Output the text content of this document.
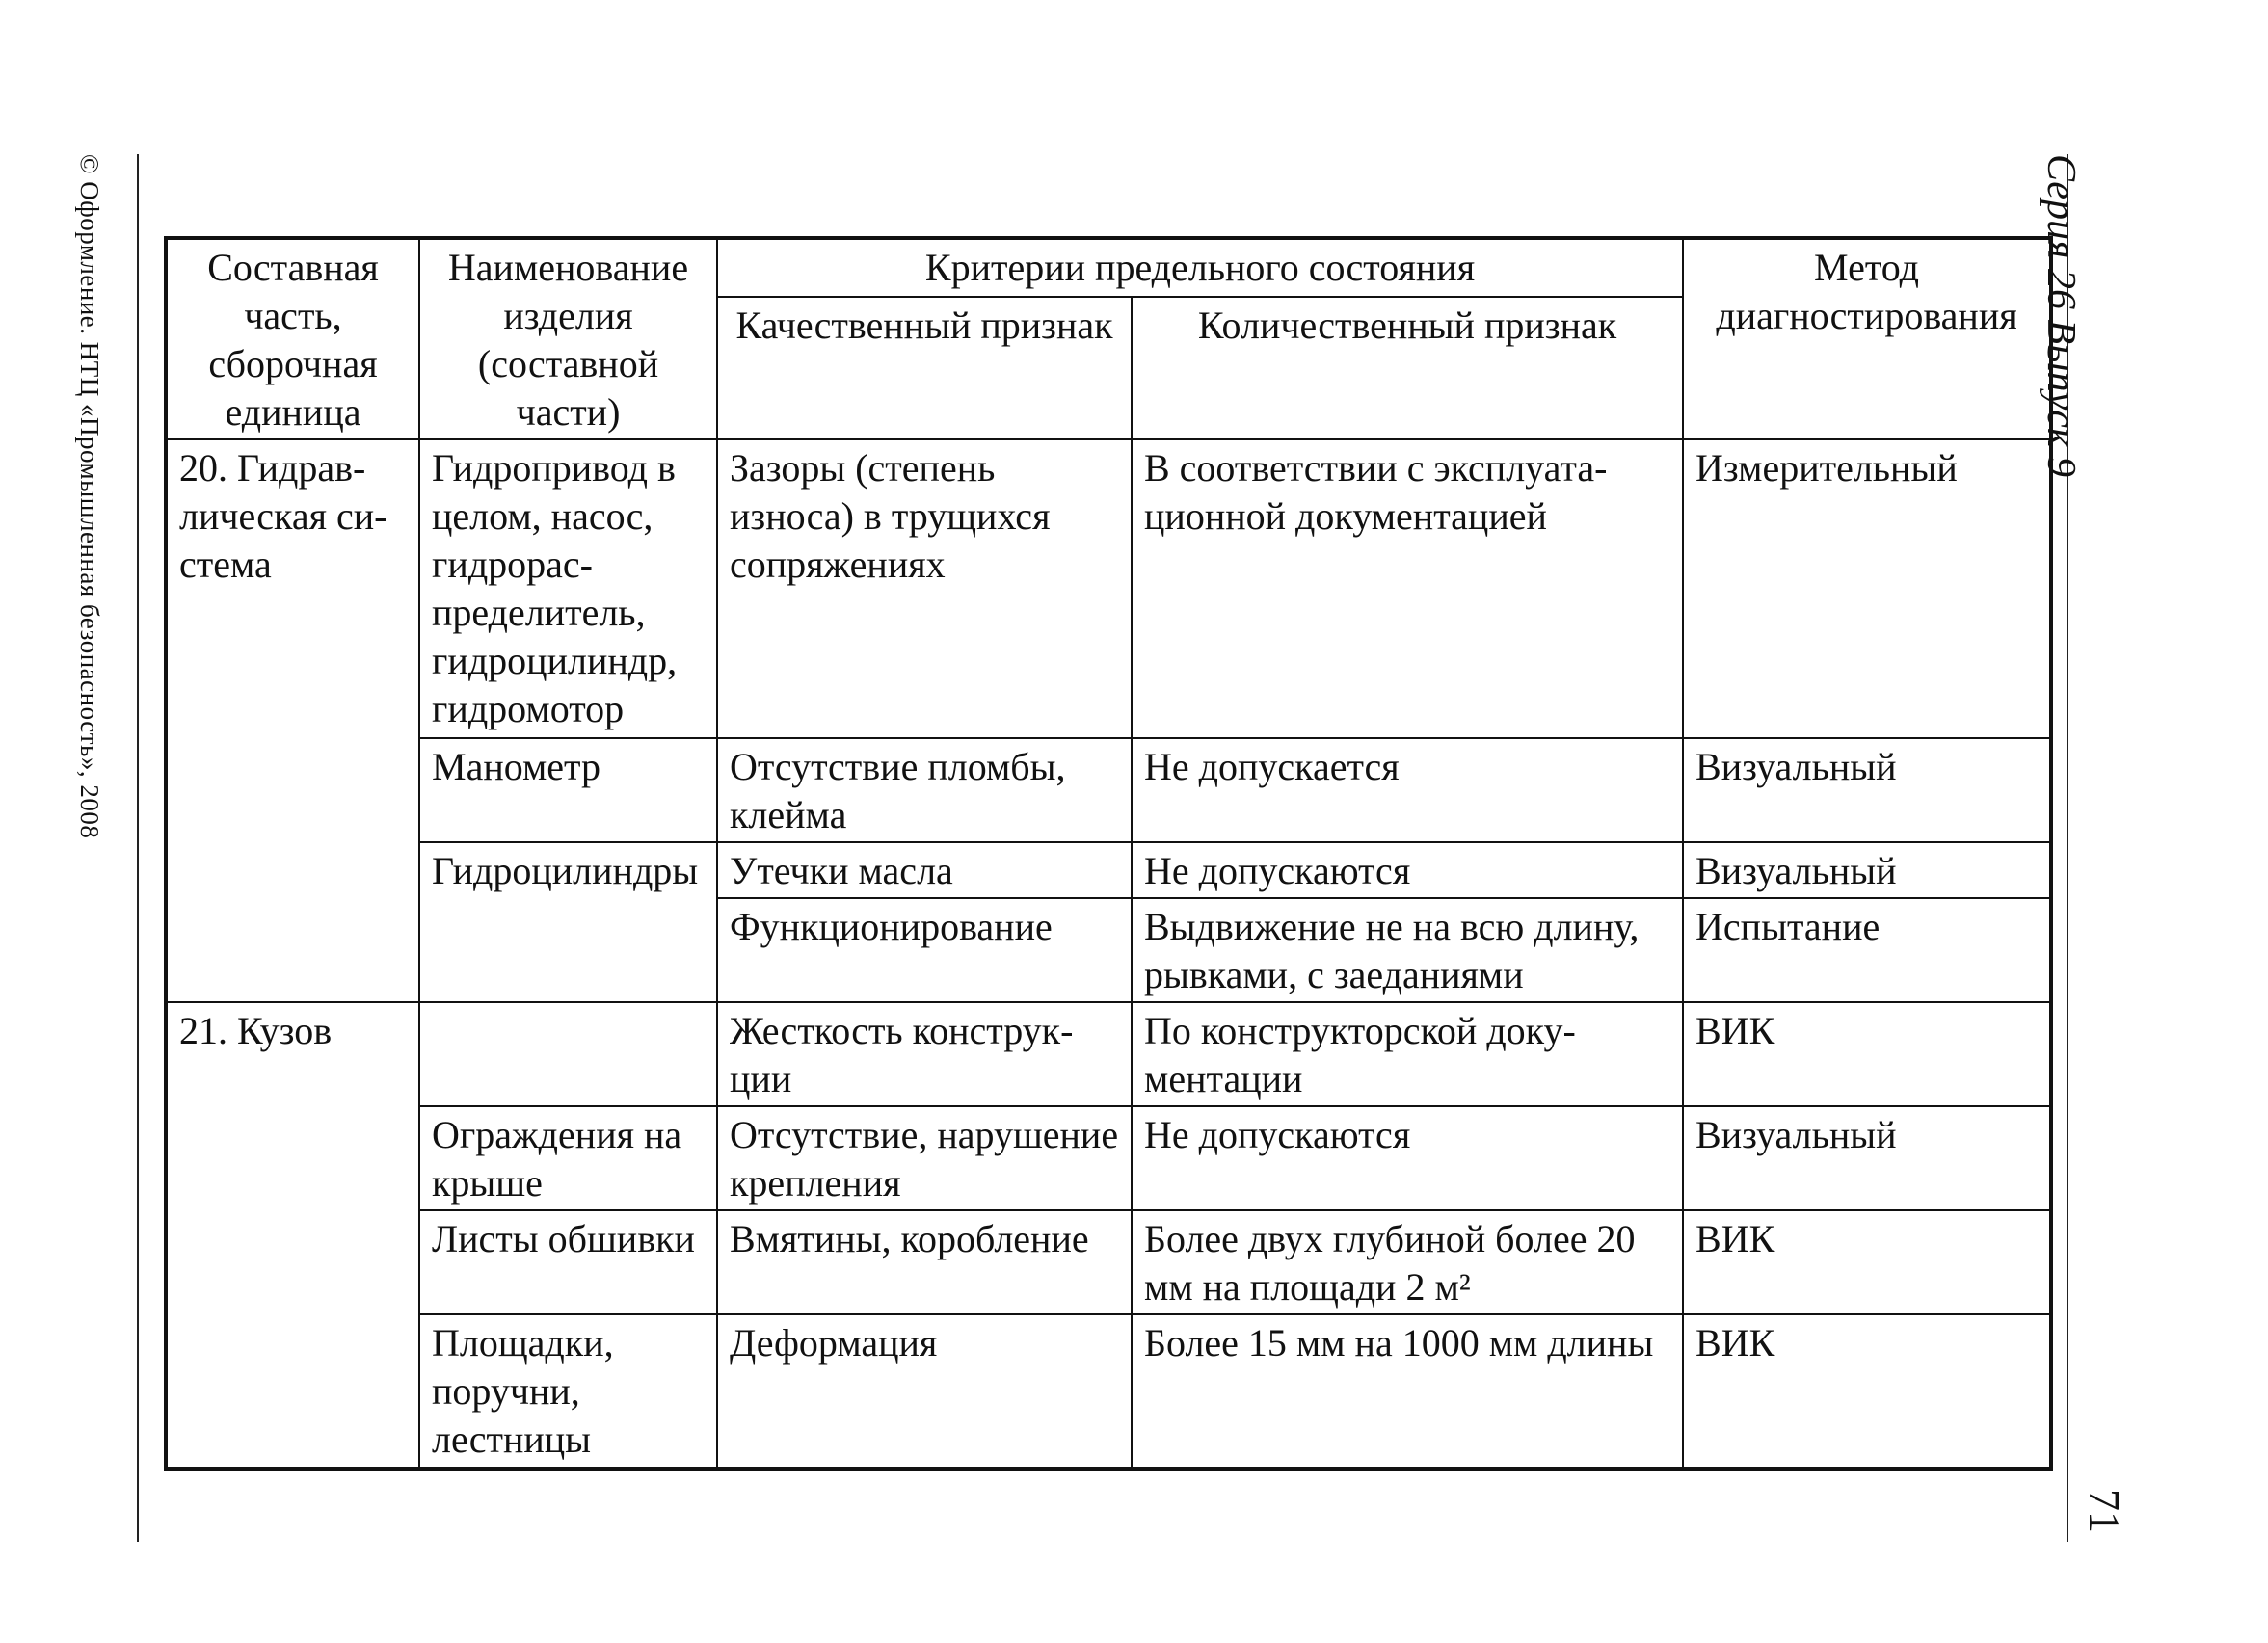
© Оформление. НТЦ «Промышленная безопасность», 2008	Серия 26 Выпуск 9
71
Составная часть, сборочная единица	Наименование изделия (составной части)	Критерии предельного состояния		Метод диагностирования
		Качественный признак	Количественный признак	
20. Гидравлическая система	Гидропривод в целом, насос, гидрораспределитель, гидроцилиндр, гидромотор	Зазоры (степень износа) в трущихся сопряжениях	В соответствии с эксплуатационной документацией	Измерительный
	Манометр	Отсутствие пломбы, клейма	Не допускается	Визуальный
	Гидроцилиндры	Утечки масла	Не допускаются	Визуальный
		Функционирование	Выдвижение не на всю длину, рывками, с заеданиями	Испытание
21. Кузов		Жесткость конструкции	По конструкторской документации	ВИК
	Ограждения на крыше	Отсутствие, нарушение крепления	Не допускаются	Визуальный
	Листы обшивки	Вмятины, коробление	Более двух глубиной более 20 мм на площади 2 м²	ВИК
	Площадки, поручни, лестницы	Деформация	Более 15 мм на 1000 мм длины	ВИК
